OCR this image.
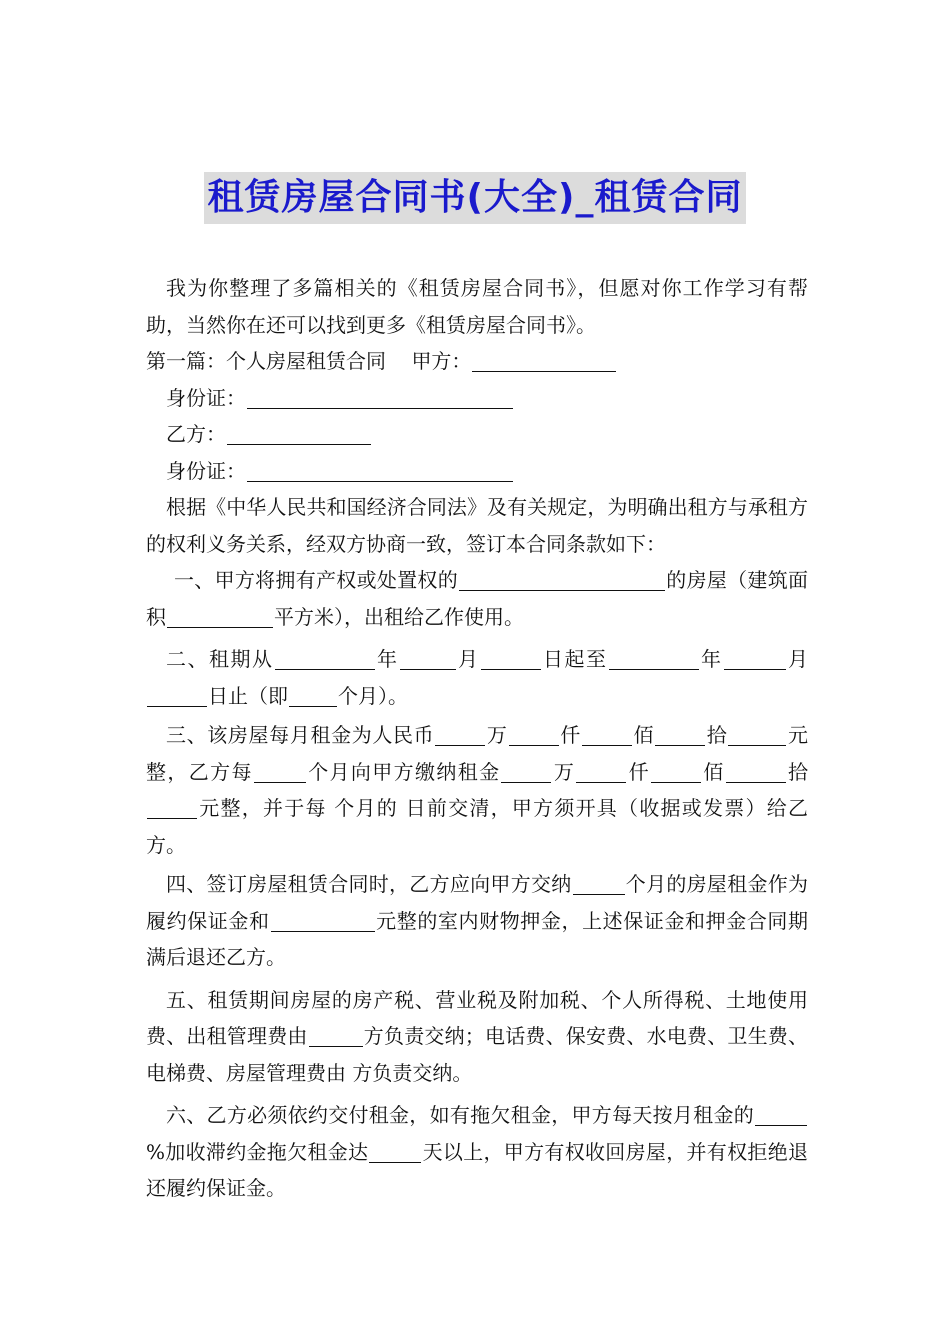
租赁房屋合同书(大全)_租赁合同

我为你整理了多篇相关的《租赁房屋合同书》，但愿对你工作学习有帮助，当然你在还可以找到更多《租赁房屋合同书》。

第一篇：个人房屋租赁合同 甲方：

身份证：

乙方：

身份证：

根据《中华人民共和国经济合同法》及有关规定，为明确出租方与承租方的权利义务关系，经双方协商一致，签订本合同条款如下：

一、甲方将拥有产权或处置权的	的房屋（建筑面积	平方米），出租给乙作使用。

二、租期从	年	月	日起至	年	月日止（即	个月）。

三、该房屋每月租金为人民币	万	仟	佰	拾	元整，乙方每	个月向甲方缴纳租金	万	仟	佰	拾元整，并于每 个月的 日前交清，甲方须开具（收据或发票）给乙方。

四、签订房屋租赁合同时，乙方应向甲方交纳	个月的房屋租金作为履约保证金和	元整的室内财物押金，上述保证金和押金合同期满后退还乙方。

五、租赁期间房屋的房产税、营业税及附加税、个人所得税、土地使用费、出租管理费由	方负责交纳；电话费、保安费、水电费、卫生费、电梯费、房屋管理费由 方负责交纳。

六、乙方必须依约交付租金，如有拖欠租金，甲方每天按月租金的%加收滞约金拖欠租金达	天以上，甲方有权收回房屋，并有权拒绝退还履约保证金。
